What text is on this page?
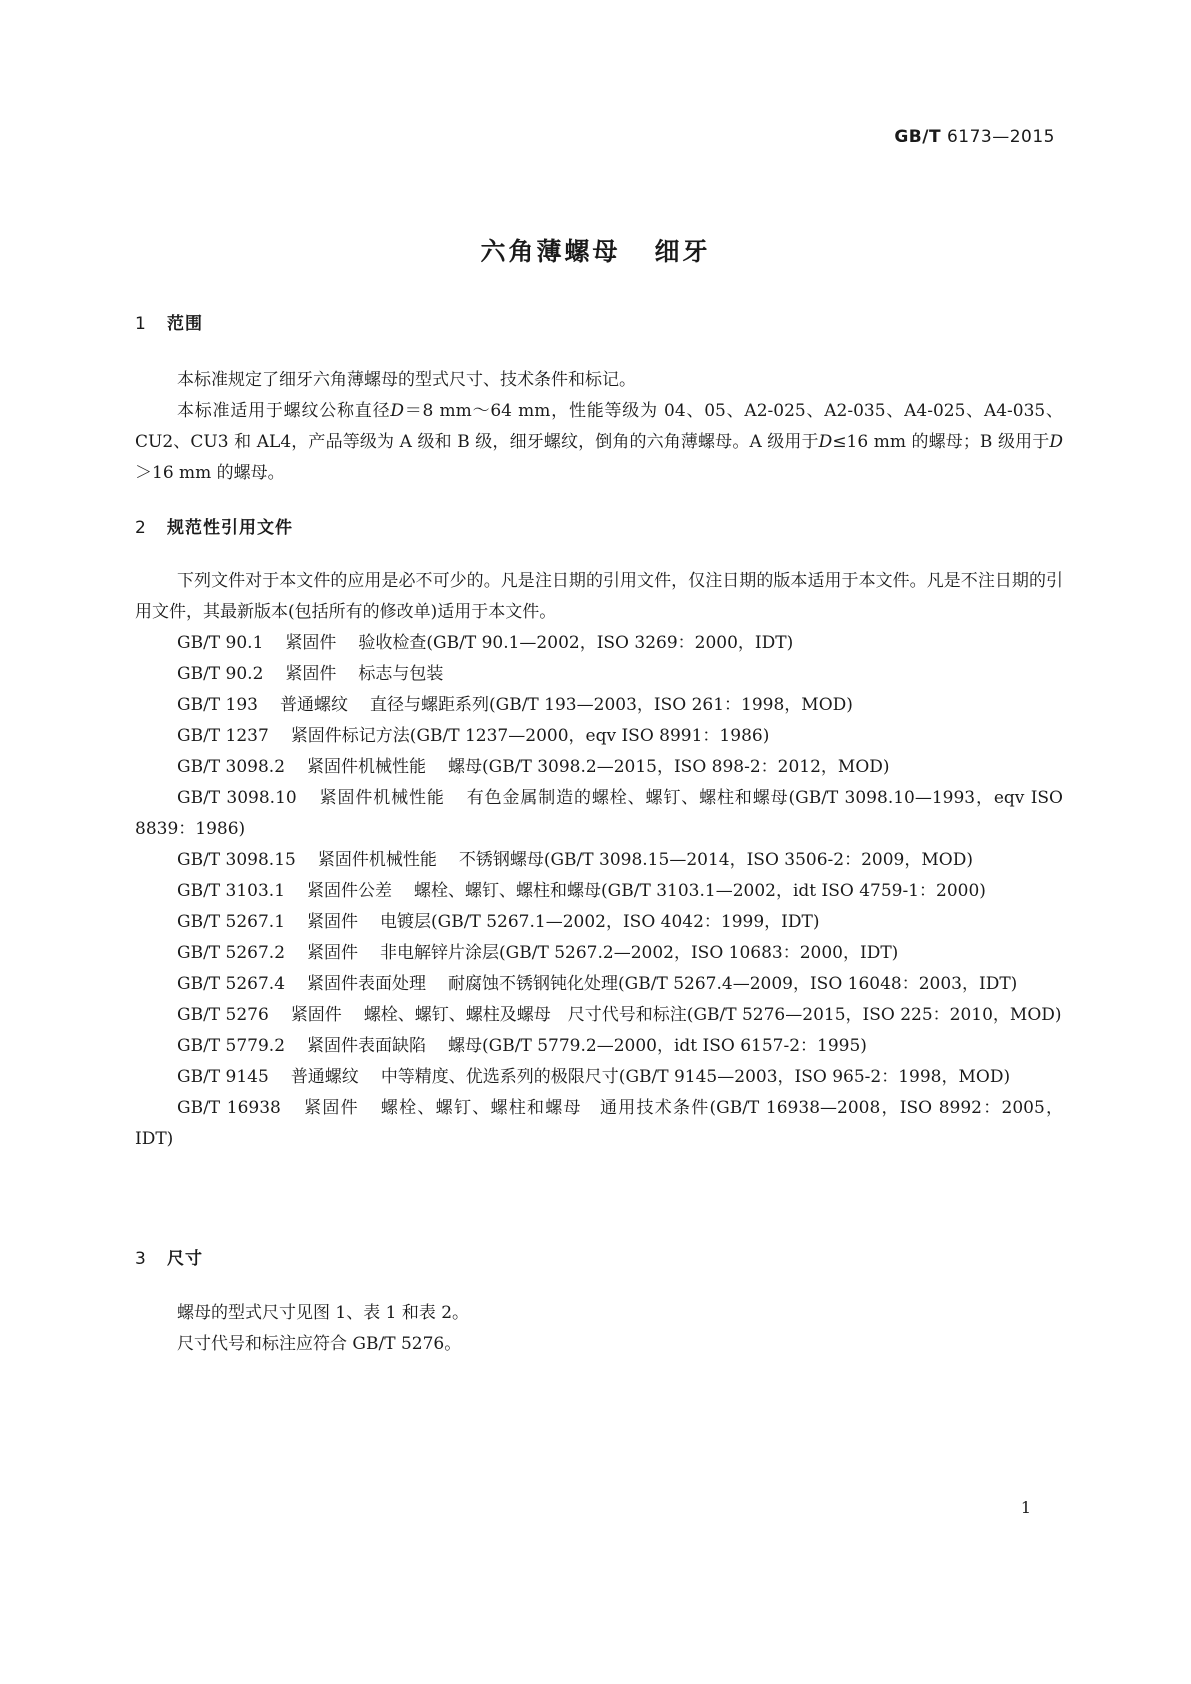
GB/T 6173—2015
六角薄螺母 细牙
1 范围

本标准规定了细牙六角薄螺母的型式尺寸、技术条件和标记。

本标准适用于螺纹公称直径D＝8 mm～64 mm，性能等级为 04、05、A2-025、A2-035、A4-025、A4-035、CU2、CU3 和 AL4，产品等级为 A 级和 B 级，细牙螺纹，倒角的六角薄螺母。A 级用于D≤16 mm 的螺母；B 级用于D＞16 mm 的螺母。

2 规范性引用文件

下列文件对于本文件的应用是必不可少的。凡是注日期的引用文件，仅注日期的版本适用于本文件。凡是不注日期的引用文件，其最新版本(包括所有的修改单)适用于本文件。

GB/T 90.1 紧固件 验收检查(GB/T 90.1—2002，ISO 3269：2000，IDT)

GB/T 90.2 紧固件 标志与包装

GB/T 193 普通螺纹 直径与螺距系列(GB/T 193—2003，ISO 261：1998，MOD)

GB/T 1237 紧固件标记方法(GB/T 1237—2000，eqv ISO 8991：1986)

GB/T 3098.2 紧固件机械性能 螺母(GB/T 3098.2—2015，ISO 898-2：2012，MOD)

GB/T 3098.10 紧固件机械性能 有色金属制造的螺栓、螺钉、螺柱和螺母(GB/T 3098.10—1993，eqv ISO 8839：1986)

GB/T 3098.15 紧固件机械性能 不锈钢螺母(GB/T 3098.15—2014，ISO 3506-2：2009，MOD)

GB/T 3103.1 紧固件公差 螺栓、螺钉、螺柱和螺母(GB/T 3103.1—2002，idt ISO 4759-1：2000)

GB/T 5267.1 紧固件 电镀层(GB/T 5267.1—2002，ISO 4042：1999，IDT)

GB/T 5267.2 紧固件 非电解锌片涂层(GB/T 5267.2—2002，ISO 10683：2000，IDT)

GB/T 5267.4 紧固件表面处理 耐腐蚀不锈钢钝化处理(GB/T 5267.4—2009，ISO 16048：2003，IDT)

GB/T 5276 紧固件 螺栓、螺钉、螺柱及螺母　尺寸代号和标注(GB/T 5276—2015，ISO 225：2010，MOD)

GB/T 5779.2 紧固件表面缺陷 螺母(GB/T 5779.2—2000，idt ISO 6157-2：1995)

GB/T 9145 普通螺纹 中等精度、优选系列的极限尺寸(GB/T 9145—2003，ISO 965-2：1998，MOD)

GB/T 16938 紧固件 螺栓、螺钉、螺柱和螺母　通用技术条件(GB/T 16938—2008，ISO 8992：2005，IDT)

3 尺寸

螺母的型式尺寸见图 1、表 1 和表 2。

尺寸代号和标注应符合 GB/T 5276。

1
